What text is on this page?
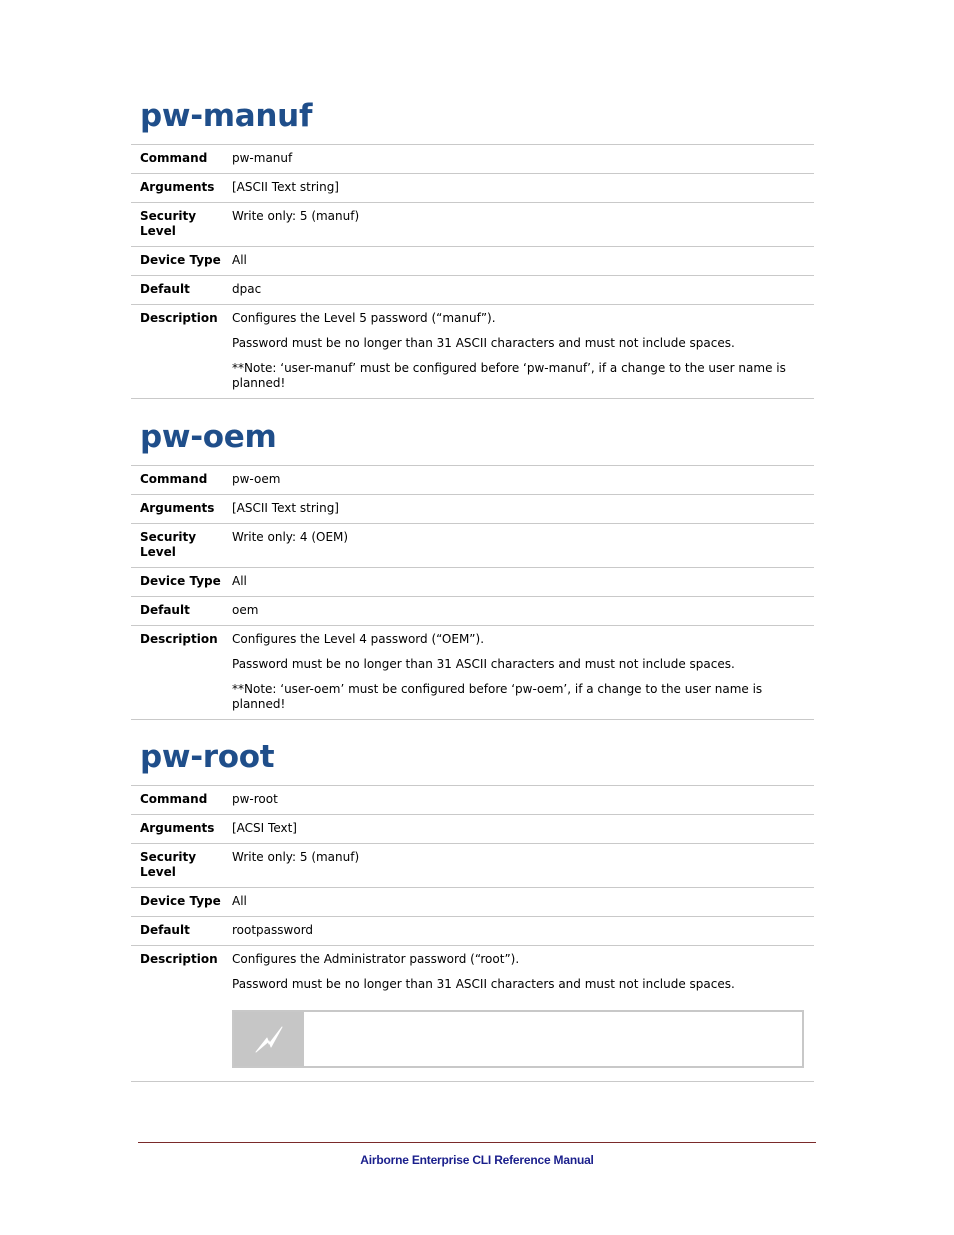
pw-manuf
Command	pw-manuf
Arguments	[ASCII Text string]
Security Level	Write only: 5 (manuf)
Device Type	All
Default	dpac
Description	Configures the Level 5 password (“manuf”).

Password must be no longer than 31 ASCII characters and must not include spaces.

**Note: ‘user-manuf’ must be configured before ‘pw-manuf’, if a change to the user name is planned!

pw-oem
Command	pw-oem
Arguments	[ASCII Text string]
Security Level	Write only: 4 (OEM)
Device Type	All
Default	oem
Description	Configures the Level 4 password (“OEM”).

Password must be no longer than 31 ASCII characters and must not include spaces.

**Note: ‘user-oem’ must be configured before ‘pw-oem’, if a change to the user name is planned!

pw-root
Command	pw-root
Arguments	[ACSI Text]
Security Level	Write only: 5 (manuf)
Device Type	All
Default	rootpassword
Description	Configures the Administrator password (“root”).

Password must be no longer than 31 ASCII characters and must not include spaces.

Airborne Enterprise CLI Reference Manual
